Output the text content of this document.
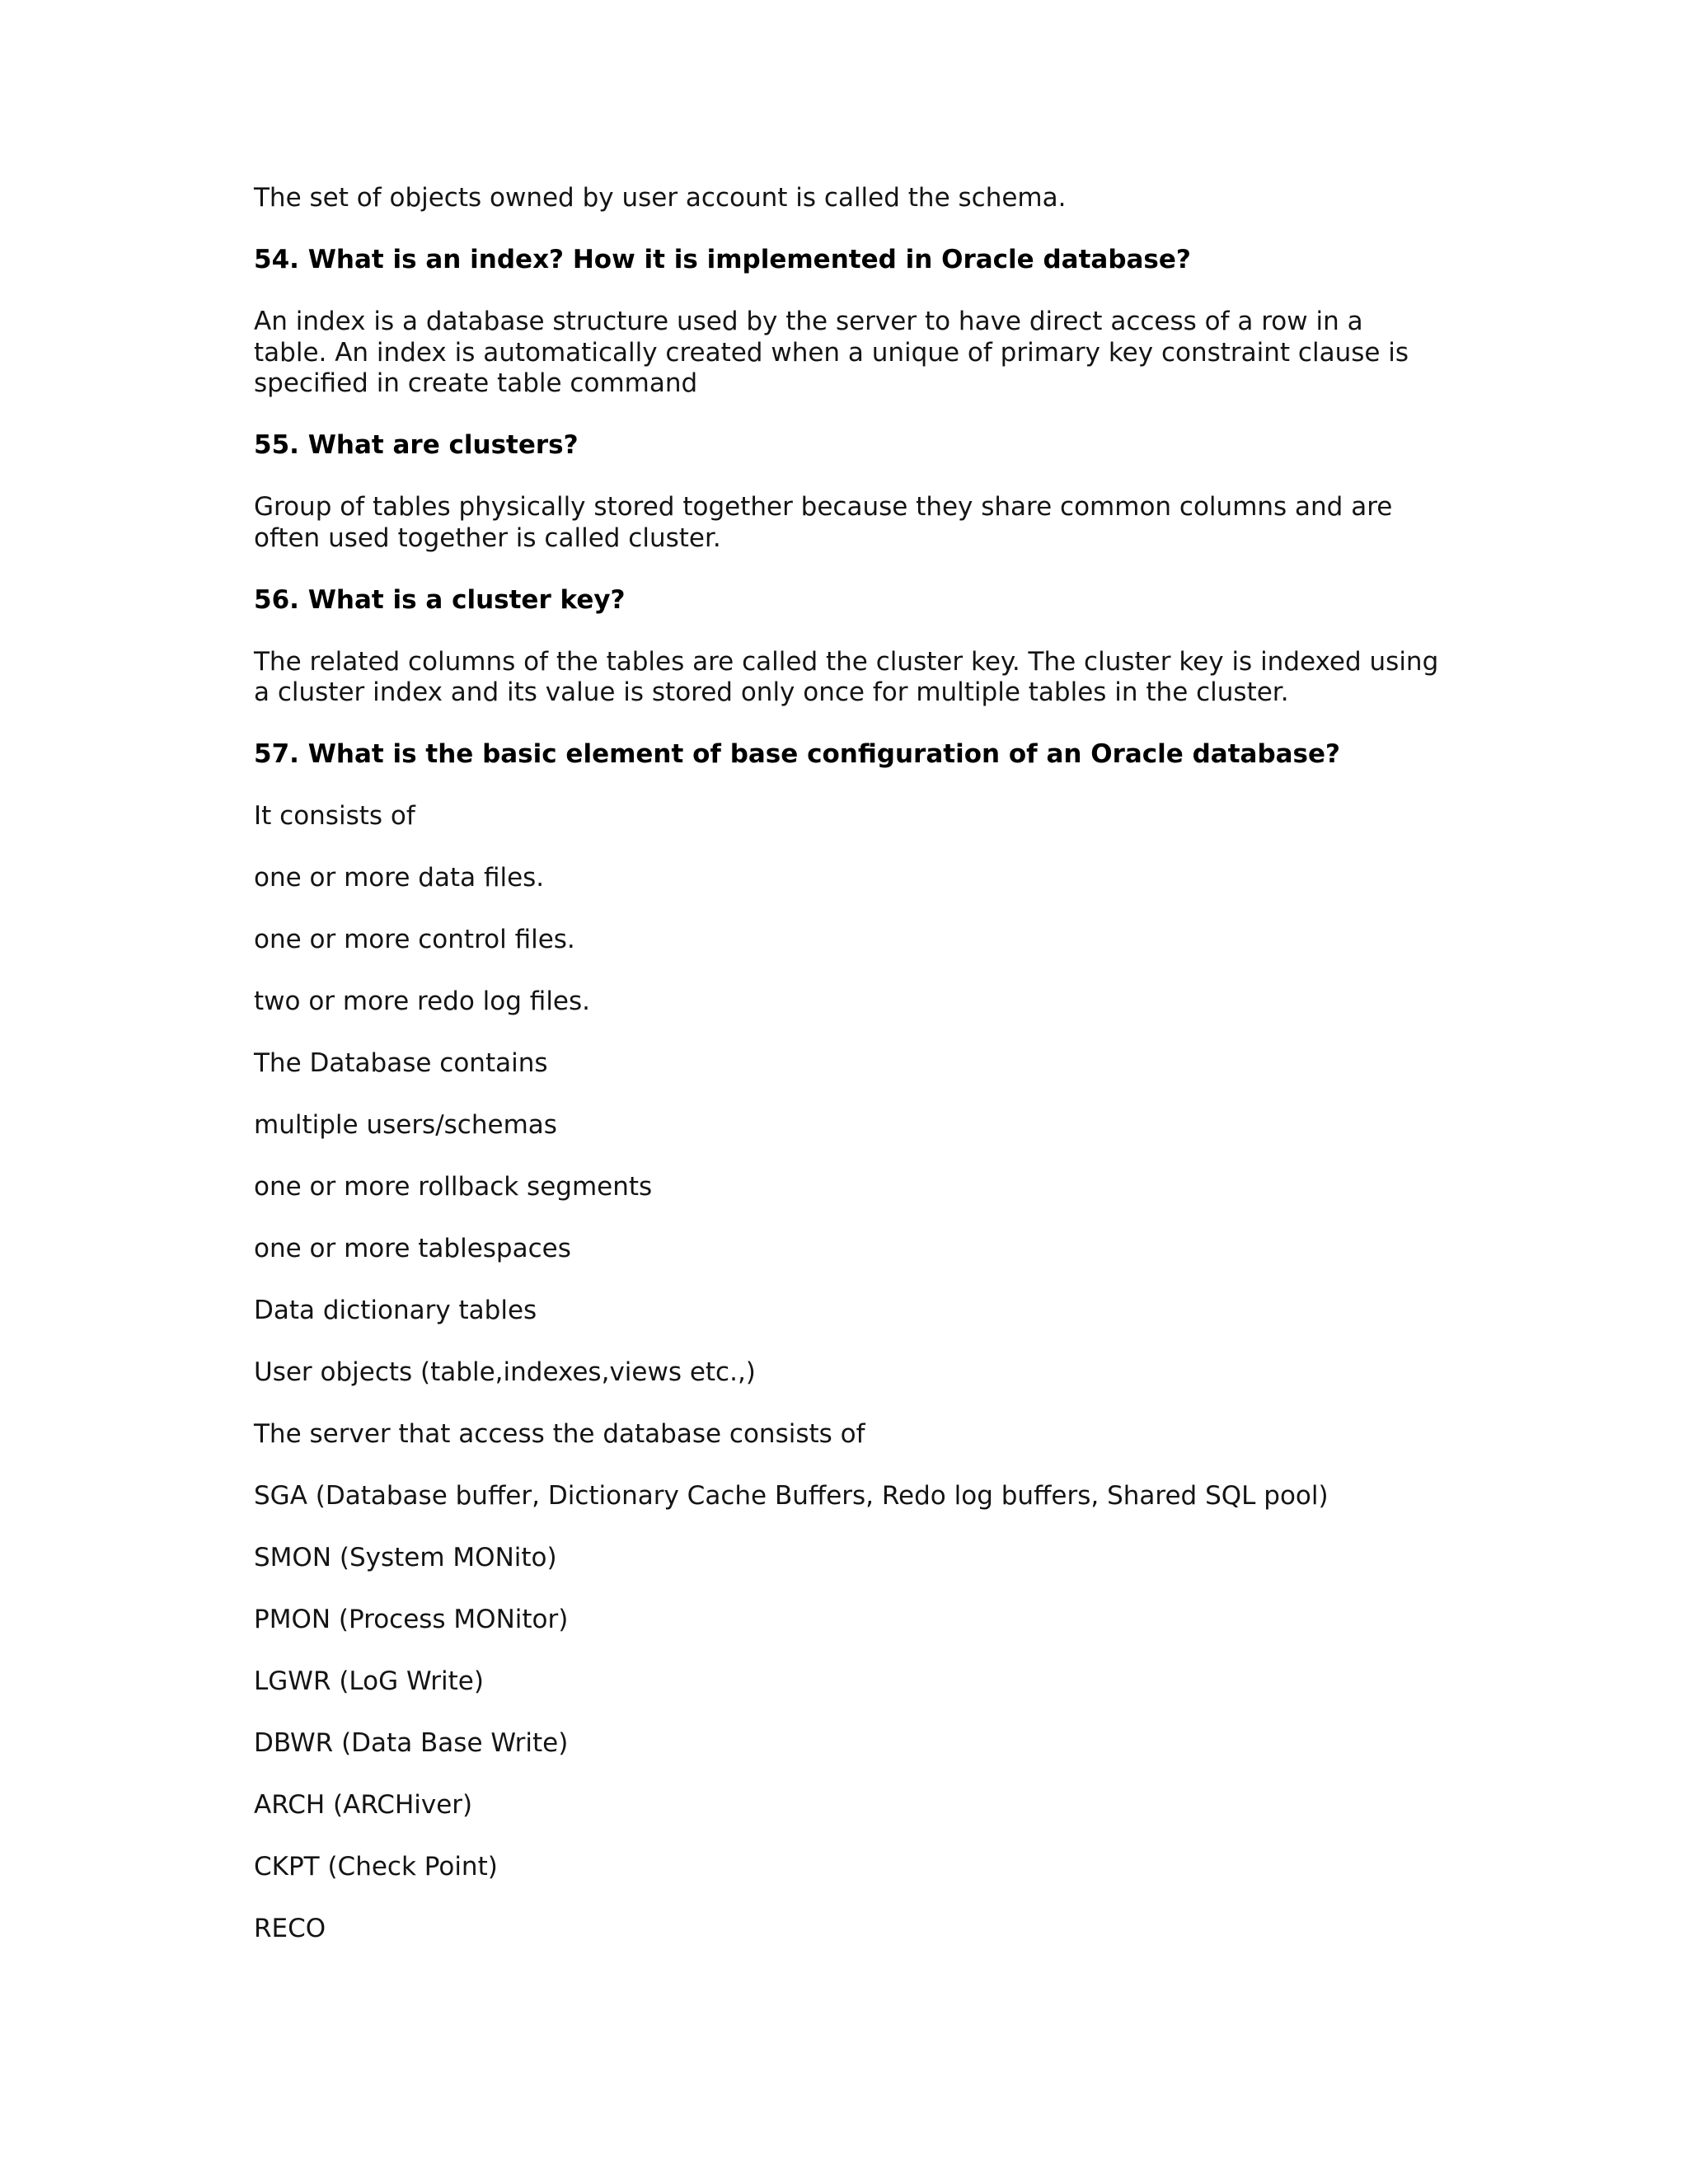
The set of objects owned by user account is called the schema.

54. What is an index? How it is implemented in Oracle database?

An index is a database structure used by the server to have direct access of a row in a table. An index is automatically created when a unique of primary key constraint clause is specified in create table command

55. What are clusters?

Group of tables physically stored together because they share common columns and are often used together is called cluster.

56. What is a cluster key?

The related columns of the tables are called the cluster key. The cluster key is indexed using a cluster index and its value is stored only once for multiple tables in the cluster.

57. What is the basic element of base configuration of an Oracle database?

It consists of

one or more data files.

one or more control files.

two or more redo log files.

The Database contains

multiple users/schemas

one or more rollback segments

one or more tablespaces

Data dictionary tables

User objects (table,indexes,views etc.,)

The server that access the database consists of

SGA (Database buffer, Dictionary Cache Buffers, Redo log buffers, Shared SQL pool)

SMON (System MONito)

PMON (Process MONitor)

LGWR (LoG Write)

DBWR (Data Base Write)

ARCH (ARCHiver)

CKPT (Check Point)

RECO
